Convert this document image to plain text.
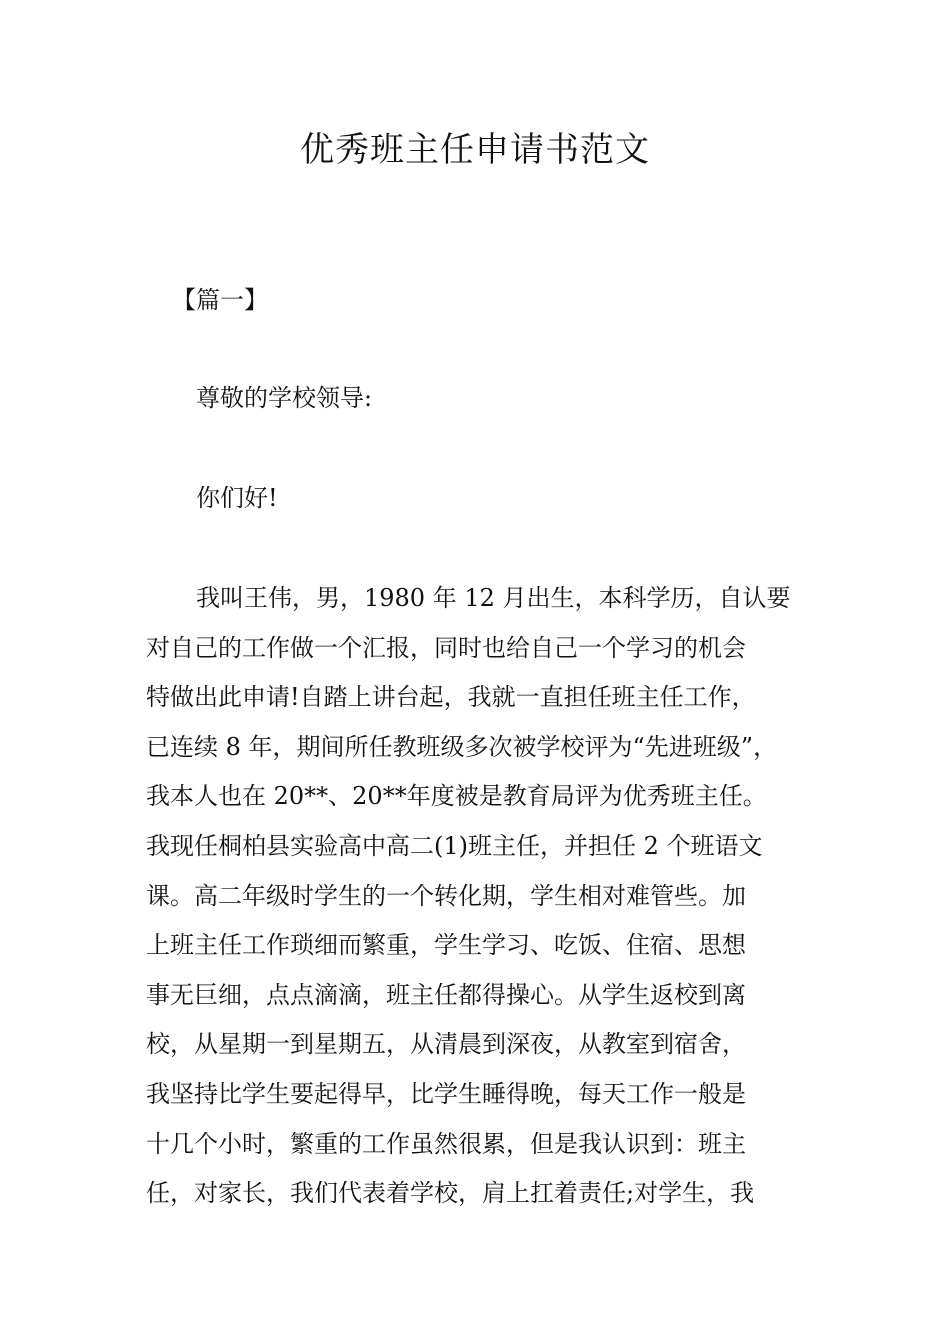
优秀班主任申请书范文

【篇一】

尊敬的学校领导:

你们好!

我叫王伟，男，1980 年 12 月出生，本科学历，自认要
对自己的工作做一个汇报，同时也给自己一个学习的机会
特做出此申请!自踏上讲台起，我就一直担任班主任工作，
已连续 8 年，期间所任教班级多次被学校评为“先进班级”，
我本人也在 20**、20**年度被是教育局评为优秀班主任。
我现任桐柏县实验高中高二(1)班主任，并担任 2 个班语文
课。高二年级时学生的一个转化期，学生相对难管些。加
上班主任工作琐细而繁重，学生学习、吃饭、住宿、思想
事无巨细，点点滴滴，班主任都得操心。从学生返校到离
校，从星期一到星期五，从清晨到深夜，从教室到宿舍，
我坚持比学生要起得早，比学生睡得晚，每天工作一般是
十几个小时，繁重的工作虽然很累，但是我认识到：班主
任，对家长，我们代表着学校，肩上扛着责任;对学生，我
